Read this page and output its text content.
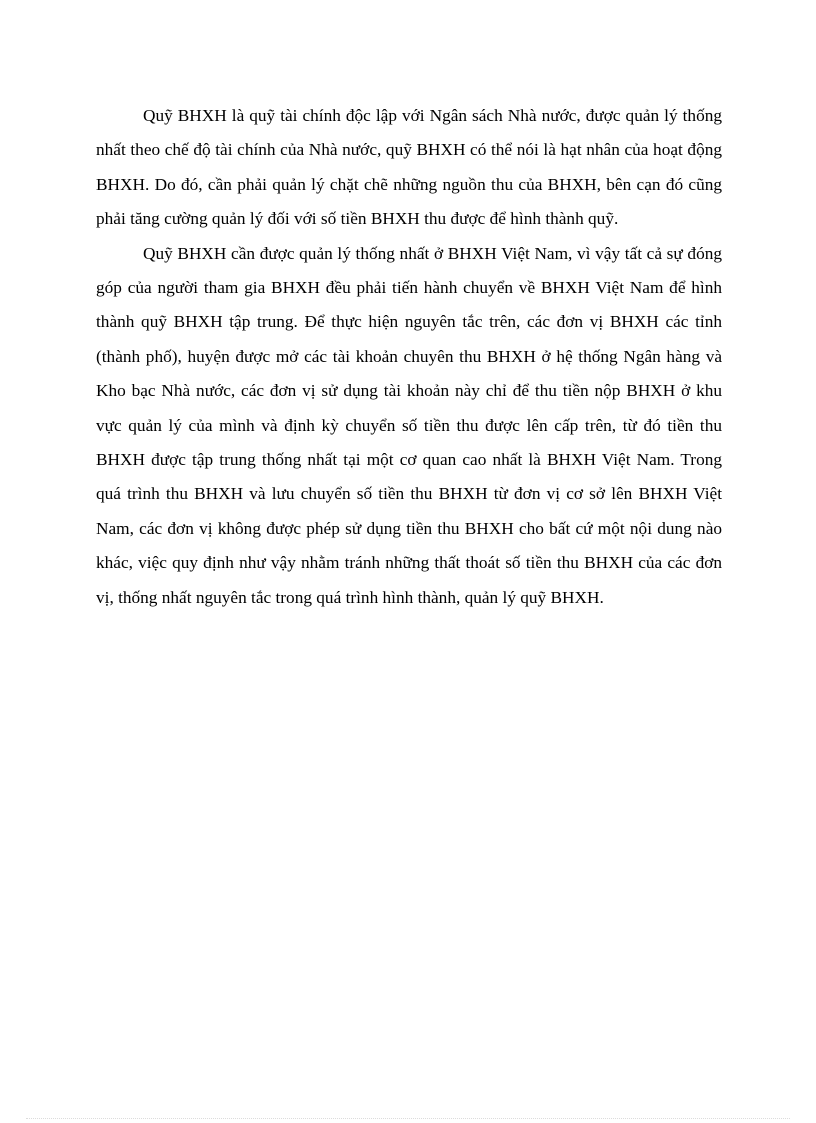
Quỹ BHXH là quỹ tài chính độc lập với Ngân sách Nhà nước, được quản lý thống nhất theo chế độ tài chính của Nhà nước, quỹ BHXH có thể nói là hạt nhân của hoạt động BHXH. Do đó, cần phải quản lý chặt chẽ những nguồn thu của BHXH, bên cạn đó cũng phải tăng cường quản lý đối với số tiền BHXH thu được để hình thành quỹ.

Quỹ BHXH cần được quản lý thống nhất ở BHXH Việt Nam, vì vậy tất cả sự đóng góp của người tham gia BHXH đều phải tiến hành chuyển về BHXH Việt Nam để hình thành quỹ BHXH tập trung. Để thực hiện nguyên tắc trên, các đơn vị BHXH các tỉnh (thành phố), huyện được mở các tài khoản chuyên thu BHXH ở hệ thống Ngân hàng và Kho bạc Nhà nước, các đơn vị sử dụng tài khoản này chỉ để thu tiền nộp BHXH ở khu vực quản lý của mình và định kỳ chuyển số tiền thu được lên cấp trên, từ đó tiền thu BHXH được tập trung thống nhất tại một cơ quan cao nhất là BHXH Việt Nam. Trong quá trình thu BHXH và lưu chuyển số tiền thu BHXH từ đơn vị cơ sở lên BHXH Việt Nam, các đơn vị không được phép sử dụng tiền thu BHXH cho bất cứ một nội dung nào khác, việc quy định như vậy nhằm tránh những thất thoát số tiền thu BHXH của các đơn vị, thống nhất nguyên tắc trong quá trình hình thành, quản lý quỹ BHXH.
